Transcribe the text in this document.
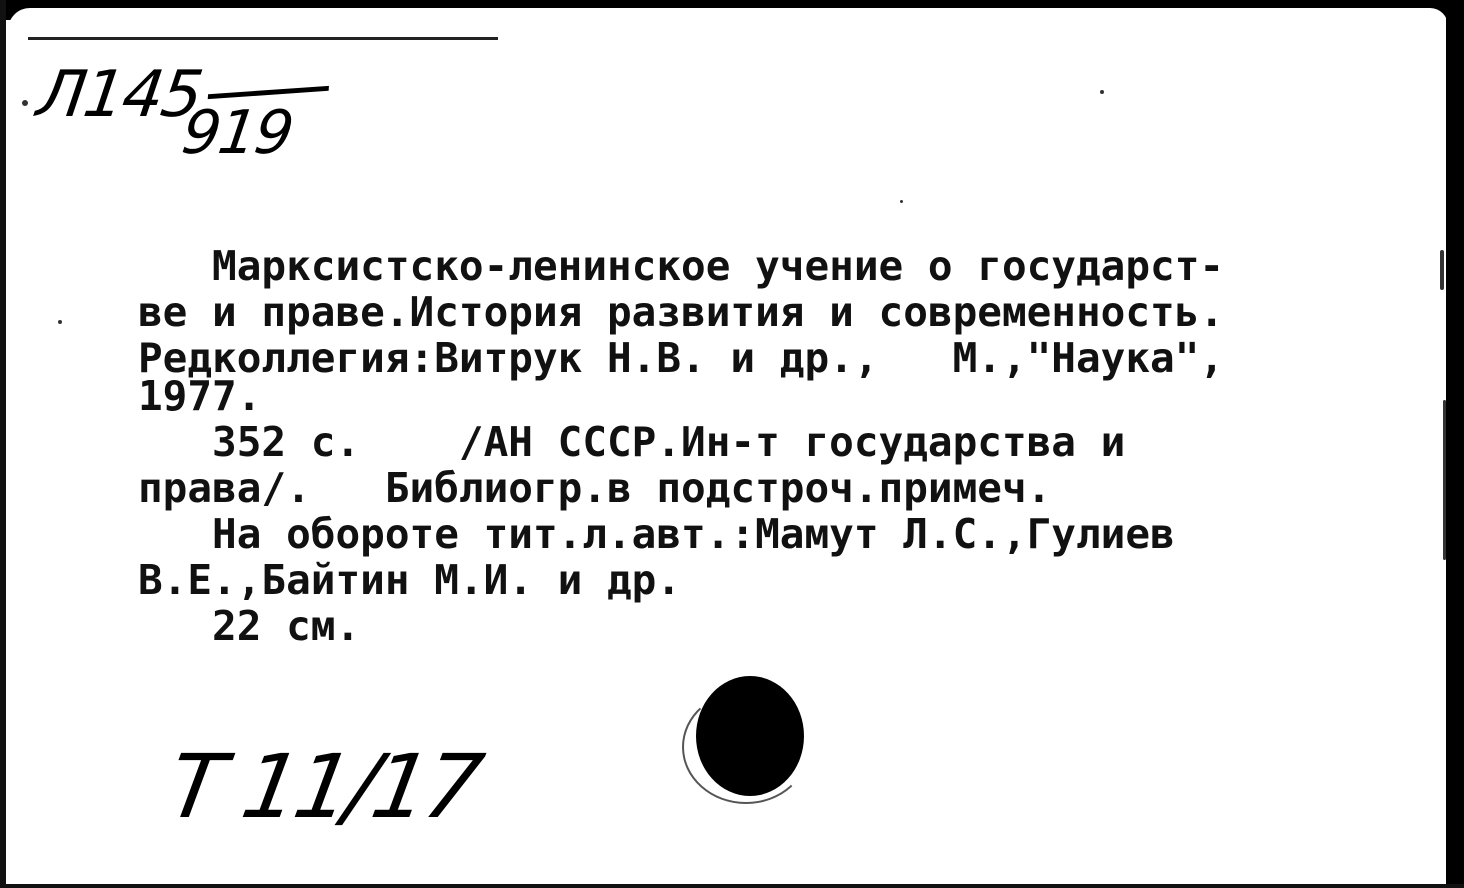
Л145
919
Марксистско-ленинское учение о государст-
ве и праве.История развития и современность.
Редколлегия:Витрук Н.В. и др.,   М.,"Наука",
1977.
352 с.    /АН СССР.Ин-т государства и
права/.   Библиогр.в подстроч.примеч.
На обороте тит.л.авт.:Мамут Л.С.,Гулиев
В.Е.,Байтин М.И. и др.
22 см.
Т 11/17
